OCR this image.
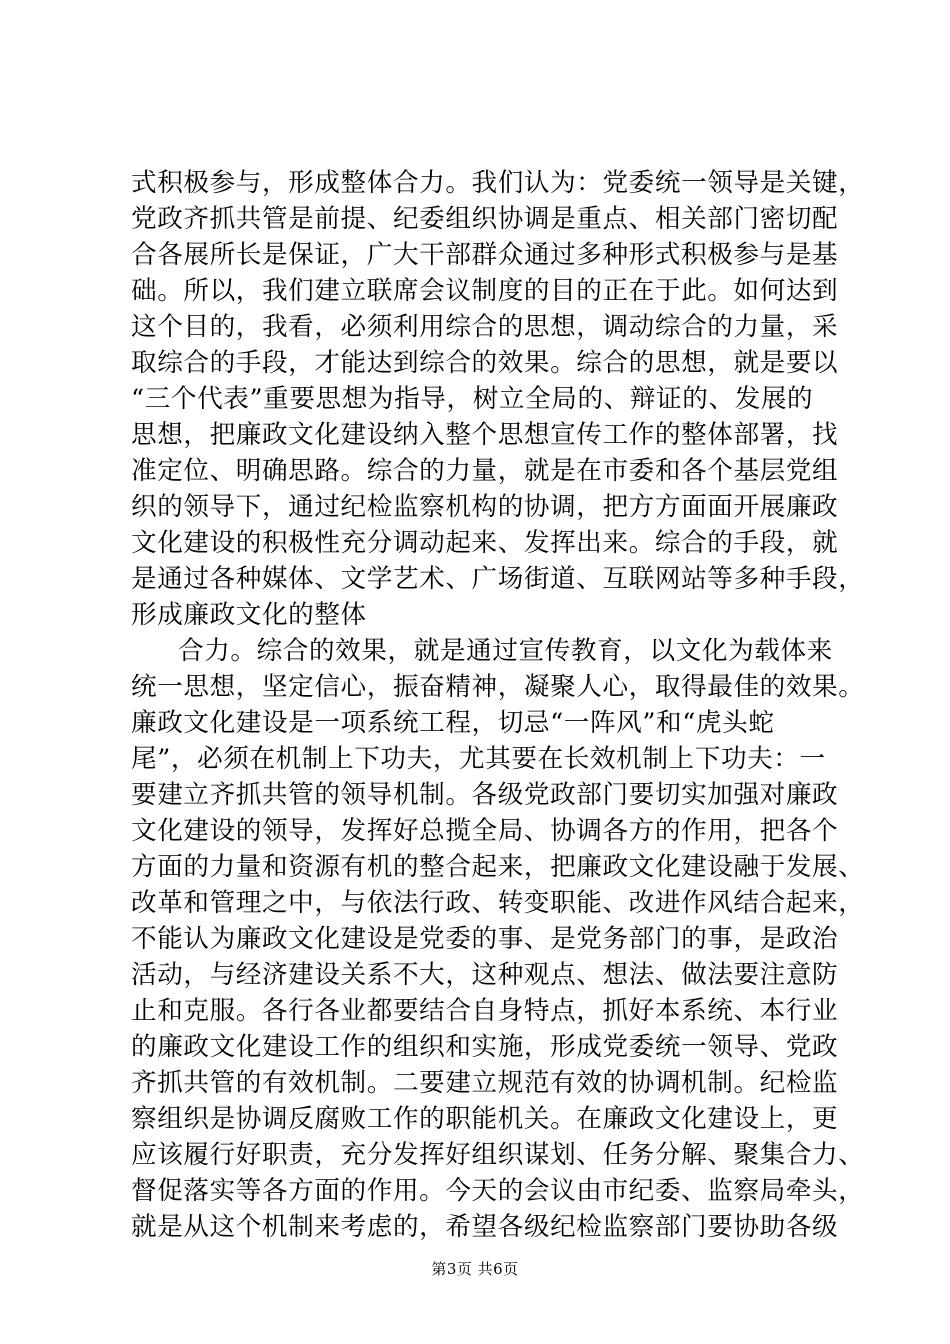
式积极参与，形成整体合力。我们认为：党委统一领导是关键，
党政齐抓共管是前提、纪委组织协调是重点、相关部门密切配
合各展所长是保证，广大干部群众通过多种形式积极参与是基
础。所以，我们建立联席会议制度的目的正在于此。如何达到
这个目的，我看，必须利用综合的思想，调动综合的力量，采
取综合的手段，才能达到综合的效果。综合的思想，就是要以
“三个代表”重要思想为指导，树立全局的、辩证的、发展的
思想，把廉政文化建设纳入整个思想宣传工作的整体部署，找
准定位、明确思路。综合的力量，就是在市委和各个基层党组
织的领导下，通过纪检监察机构的协调，把方方面面开展廉政
文化建设的积极性充分调动起来、发挥出来。综合的手段，就
是通过各种媒体、文学艺术、广场街道、互联网站等多种手段，
形成廉政文化的整体
合力。综合的效果，就是通过宣传教育，以文化为载体来
统一思想，坚定信心，振奋精神，凝聚人心，取得最佳的效果。
廉政文化建设是一项系统工程，切忌“一阵风”和“虎头蛇
尾”，必须在机制上下功夫，尤其要在长效机制上下功夫：一
要建立齐抓共管的领导机制。各级党政部门要切实加强对廉政
文化建设的领导，发挥好总揽全局、协调各方的作用，把各个
方面的力量和资源有机的整合起来，把廉政文化建设融于发展、
改革和管理之中，与依法行政、转变职能、改进作风结合起来，
不能认为廉政文化建设是党委的事、是党务部门的事，是政治
活动，与经济建设关系不大，这种观点、想法、做法要注意防
止和克服。各行各业都要结合自身特点，抓好本系统、本行业
的廉政文化建设工作的组织和实施，形成党委统一领导、党政
齐抓共管的有效机制。二要建立规范有效的协调机制。纪检监
察组织是协调反腐败工作的职能机关。在廉政文化建设上，更
应该履行好职责，充分发挥好组织谋划、任务分解、聚集合力、
督促落实等各方面的作用。今天的会议由市纪委、监察局牵头，
就是从这个机制来考虑的，希望各级纪检监察部门要协助各级
第3页 共6页
